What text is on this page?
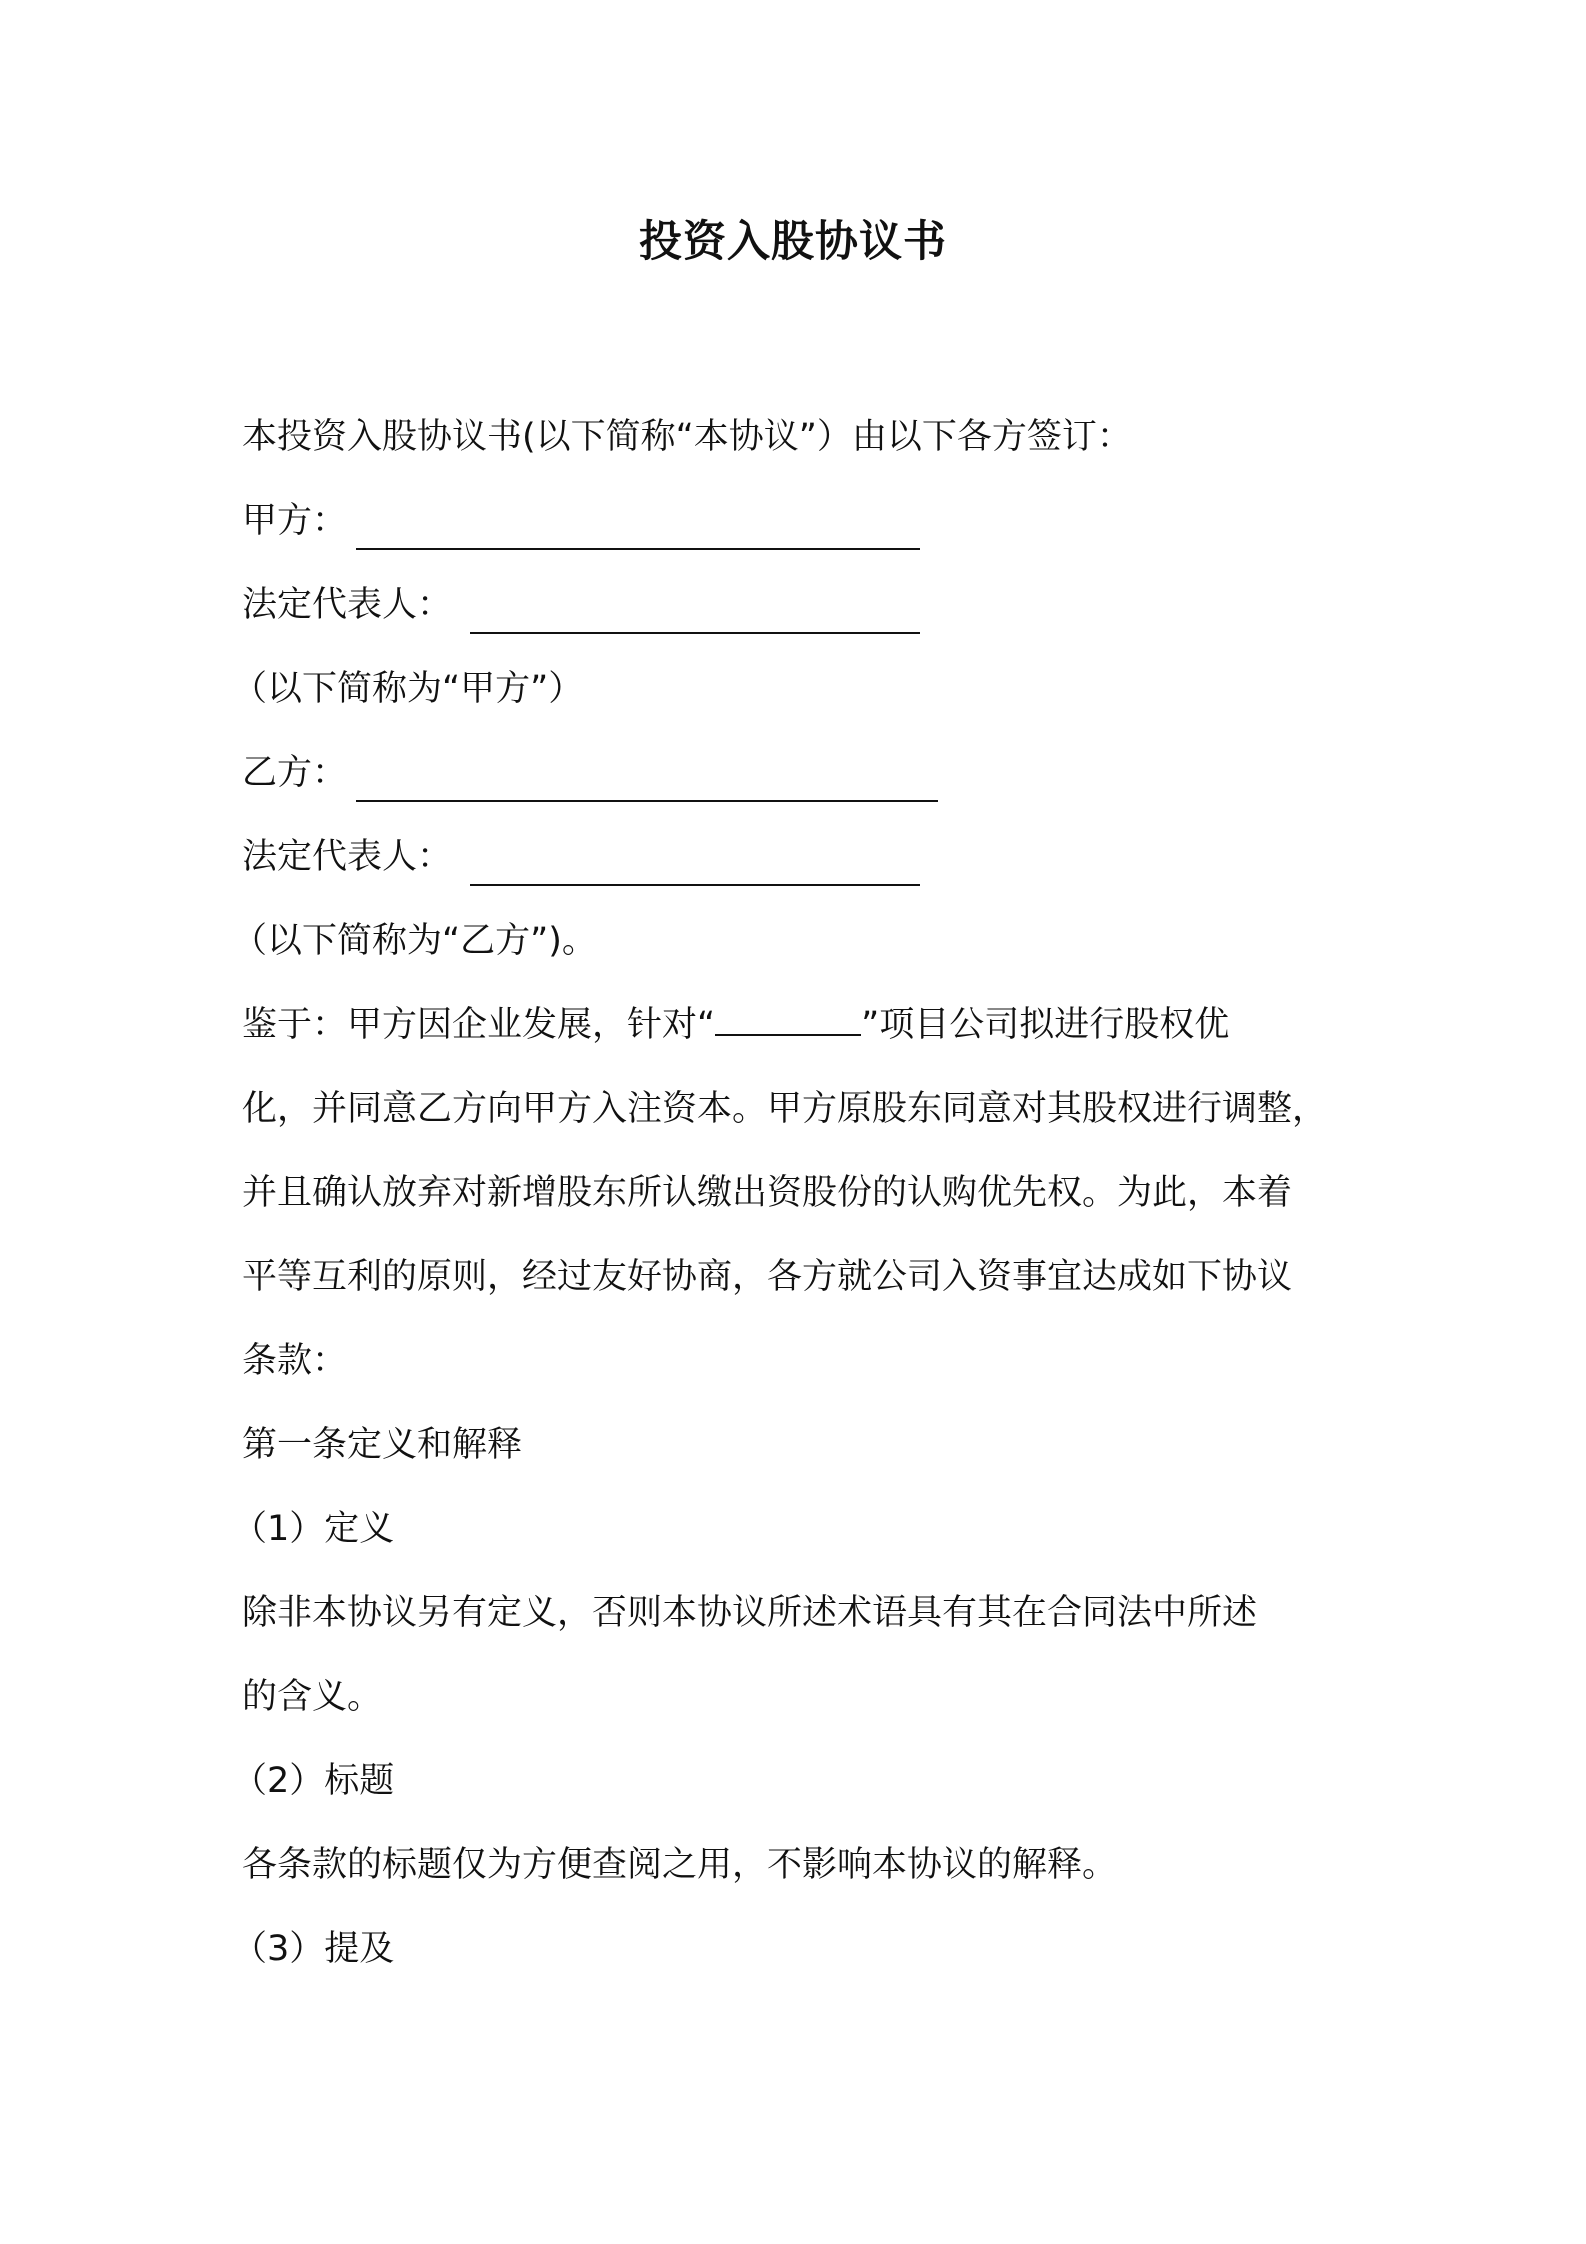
投资入股协议书
本投资入股协议书(以下简称“本协议”）由以下各方签订：
甲方：
法定代表人：
（以下简称为“甲方”）
乙方：
法定代表人：
（以下简称为“乙方”)。
鉴于：甲方因企业发展，针对“	”项目公司拟进行股权优
化，并同意乙方向甲方入注资本。甲方原股东同意对其股权进行调整，
并且确认放弃对新增股东所认缴出资股份的认购优先权。为此，本着
平等互利的原则，经过友好协商，各方就公司入资事宜达成如下协议
条款：
第一条定义和解释
（1）定义
除非本协议另有定义，否则本协议所述术语具有其在合同法中所述
的含义。
（2）标题
各条款的标题仅为方便查阅之用，不影响本协议的解释。
（3）提及
